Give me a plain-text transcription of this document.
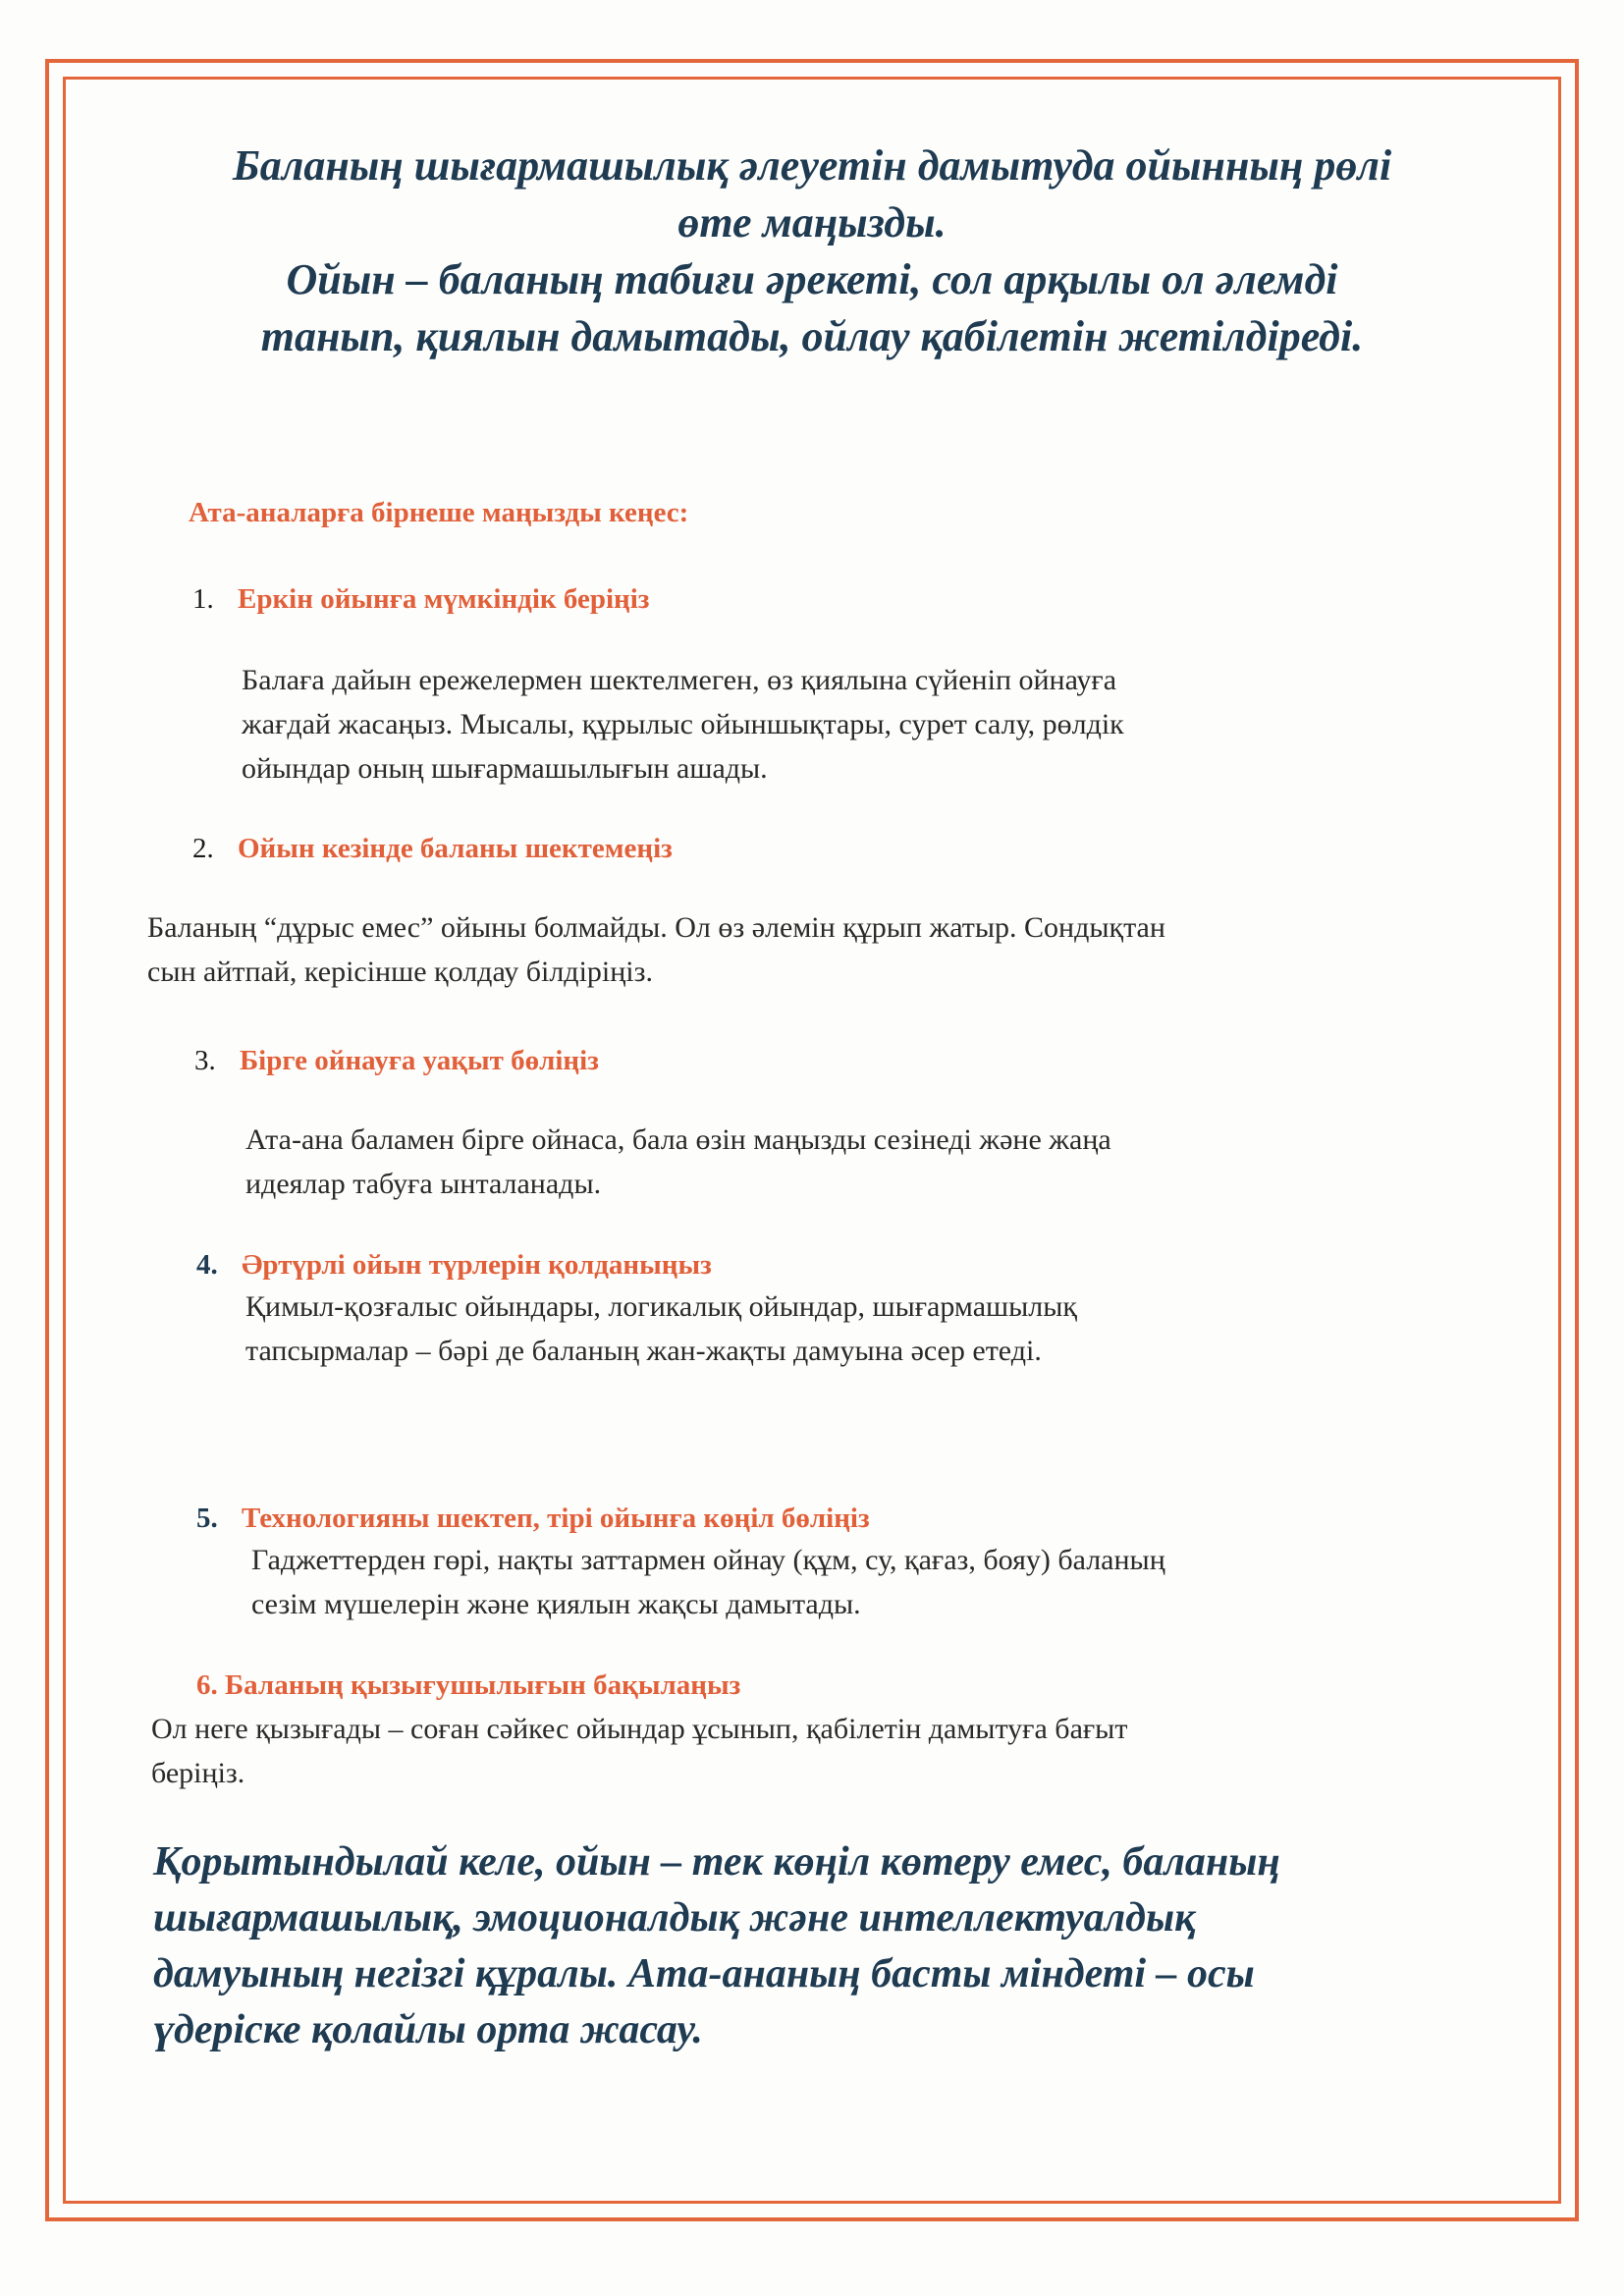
Баланың шығармашылық әлеуетін дамытуда ойынның рөлі
өте маңызды.
Ойын – баланың табиғи әрекеті, сол арқылы ол әлемді
танып, қиялын дамытады, ойлау қабілетін жетілдіреді.
Ата-аналарға бірнеше маңызды кеңес:
1. Еркін ойынға мүмкіндік беріңіз
Балаға дайын ережелермен шектелмеген, өз қиялына сүйеніп ойнауға
жағдай жасаңыз. Мысалы, құрылыс ойыншықтары, сурет салу, рөлдік
ойындар оның шығармашылығын ашады.
2. Ойын кезінде баланы шектемеңіз
Баланың “дұрыс емес” ойыны болмайды. Ол өз әлемін құрып жатыр. Сондықтан
сын айтпай, керісінше қолдау білдіріңіз.
3. Бірге ойнауға уақыт бөліңіз
Ата-ана баламен бірге ойнаса, бала өзін маңызды сезінеді және жаңа
идеялар табуға ынталанады.
4. Әртүрлі ойын түрлерін қолданыңыз
Қимыл-қозғалыс ойындары, логикалық ойындар, шығармашылық
тапсырмалар – бәрі де баланың жан-жақты дамуына әсер етеді.
5. Технологияны шектеп, тірі ойынға көңіл бөліңіз
Гаджеттерден гөрі, нақты заттармен ойнау (құм, су, қағаз, бояу) баланың
сезім мүшелерін және қиялын жақсы дамытады.
6. Баланың қызығушылығын бақылаңыз
Ол неге қызығады – соған сәйкес ойындар ұсынып, қабілетін дамытуға бағыт
беріңіз.
Қорытындылай келе, ойын – тек көңіл көтеру емес, баланың
шығармашылық, эмоционалдық және интеллектуалдық
дамуының негізгі құралы. Ата-ананың басты міндеті – осы
үдеріске қолайлы орта жасау.
